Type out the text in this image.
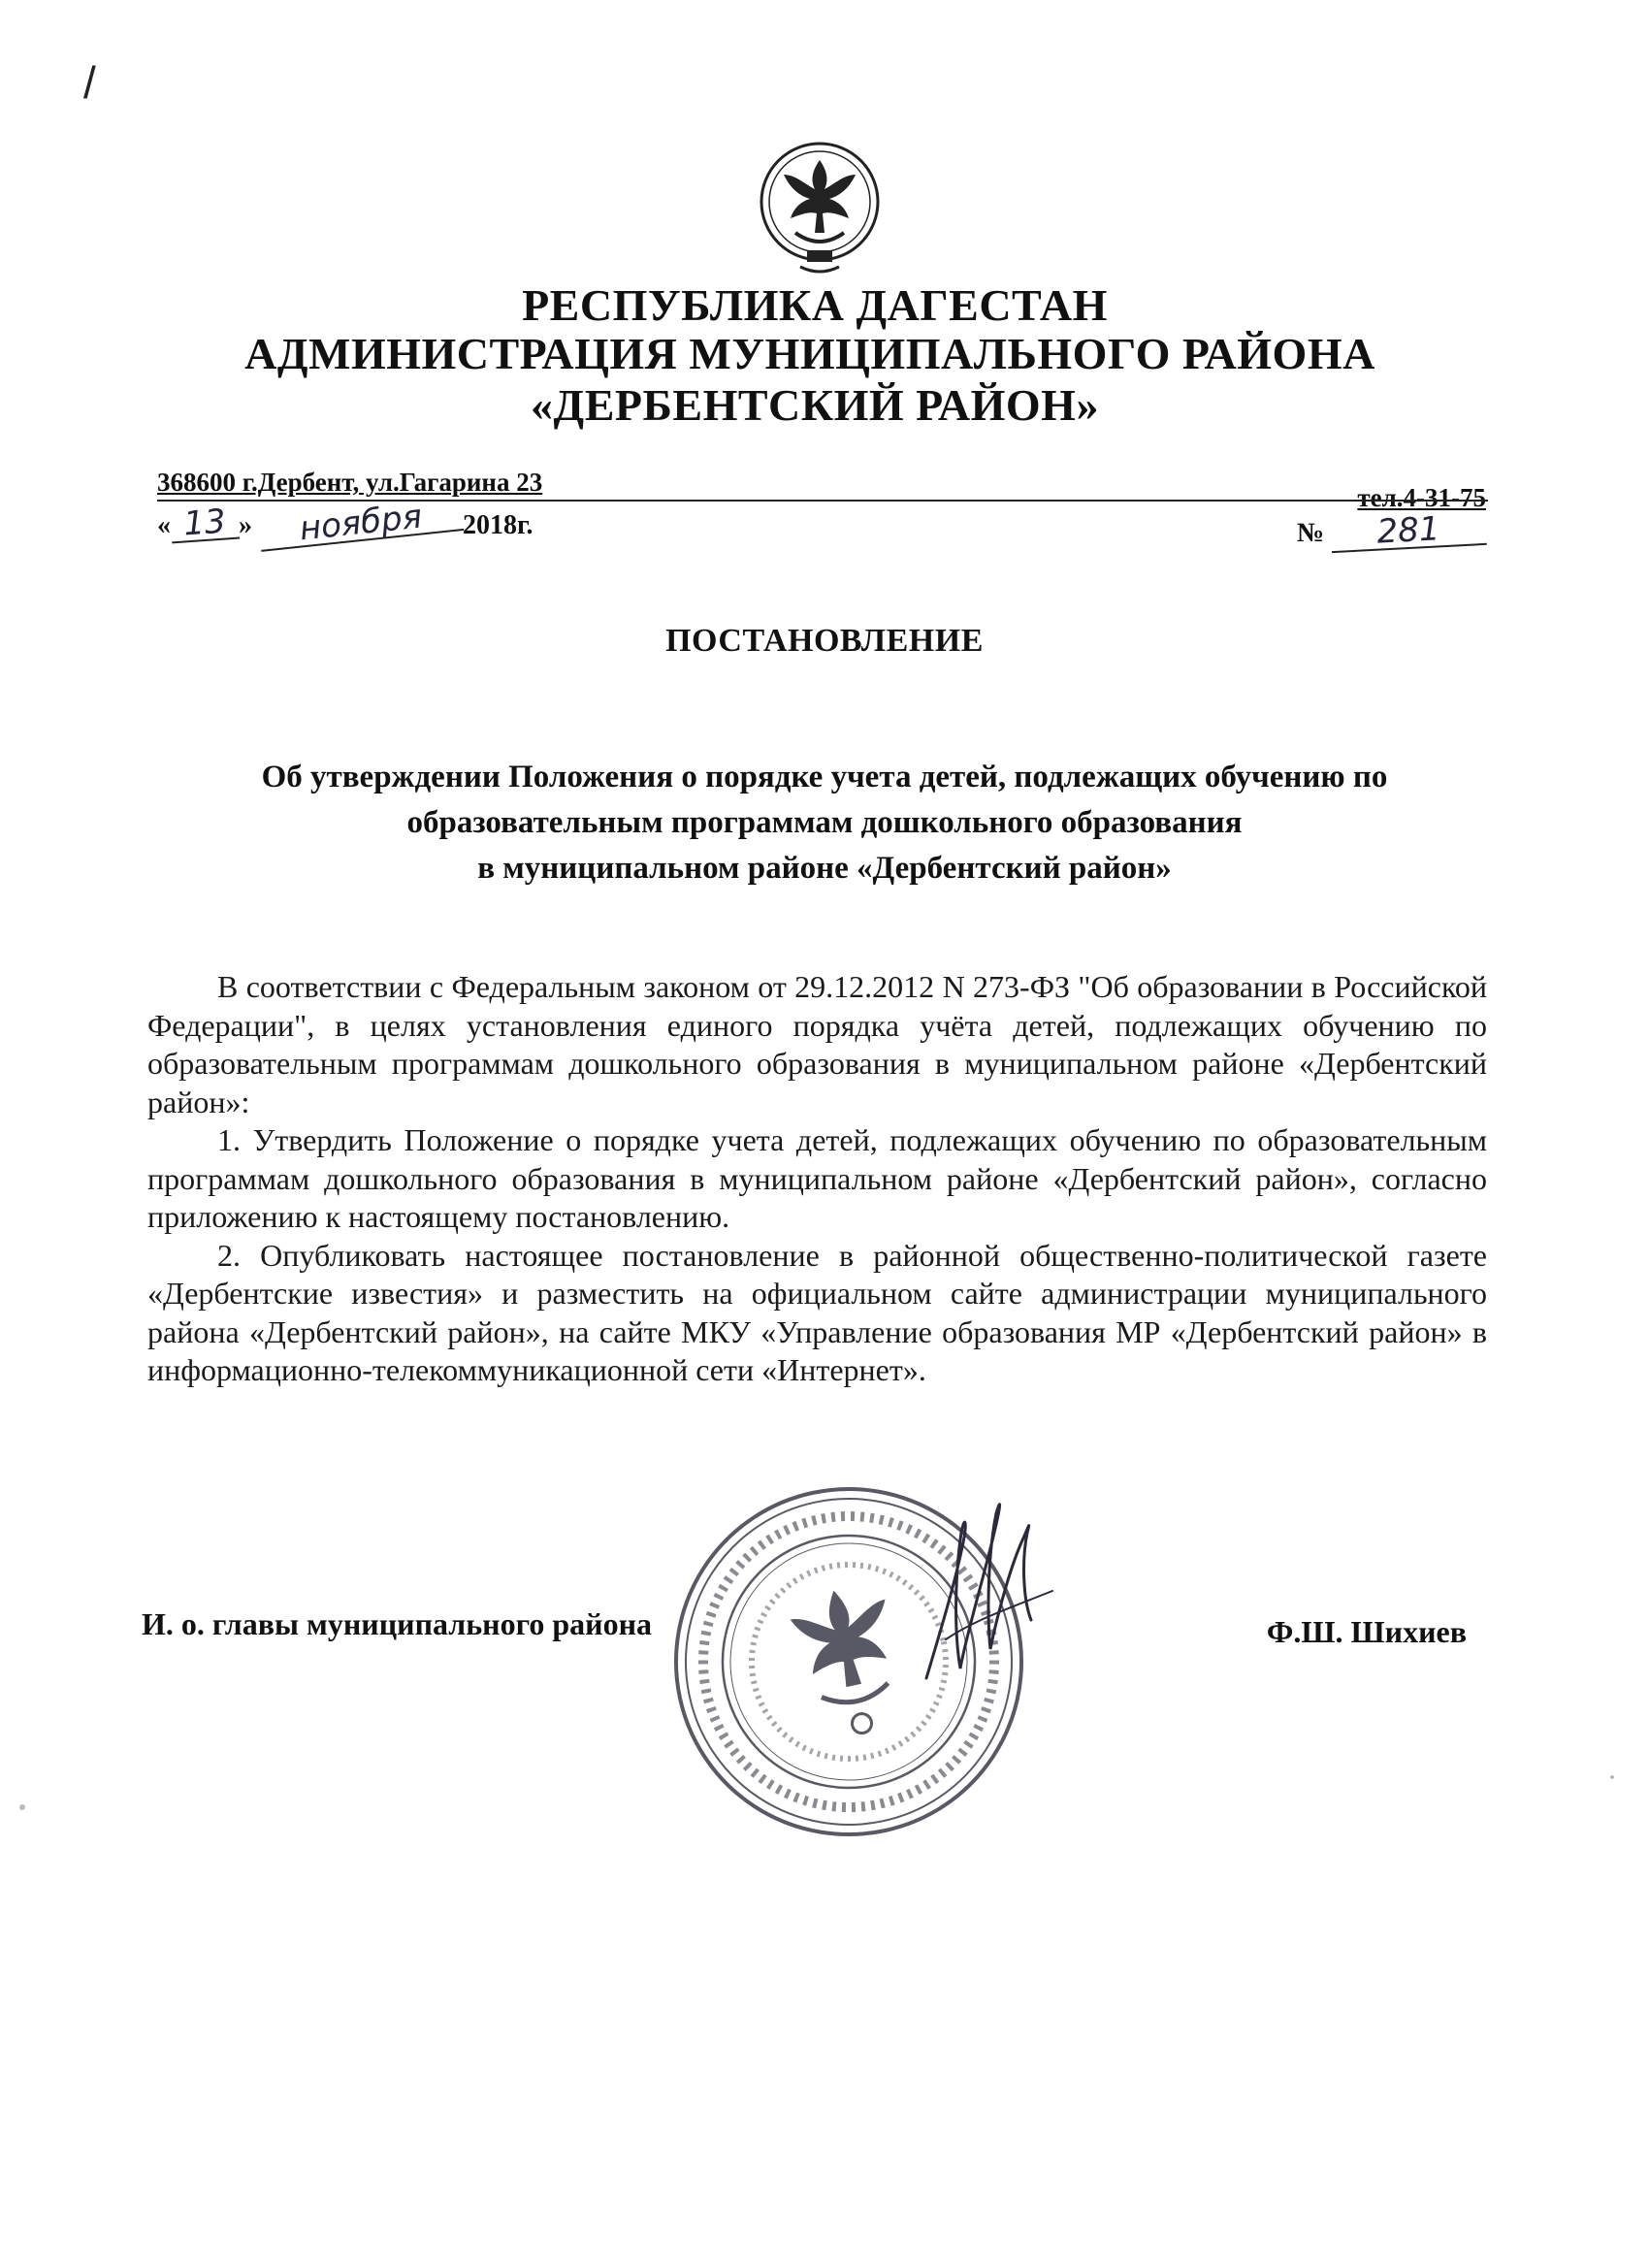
/
РЕСПУБЛИКА ДАГЕСТАН
АДМИНИСТРАЦИЯ МУНИЦИПАЛЬНОГО РАЙОНА
«ДЕРБЕНТСКИЙ РАЙОН»
368600 г.Дербент, ул.Гагарина 23
тел.4-31-75
« 13 » ноября 2018г.	№ 281
ПОСТАНОВЛЕНИЕ
Об утверждении Положения о порядке учета детей, подлежащих обучению по
образовательным программам дошкольного образования
в муниципальном районе «Дербентский район»

В соответствии с Федеральным законом от 29.12.2012 N 273-ФЗ "Об образовании в Российской Федерации", в целях установления единого порядка учёта детей, подлежащих обучению по образовательным программам дошкольного образования в муниципальном районе «Дербентский район»:

1. Утвердить Положение о порядке учета детей, подлежащих обучению по образовательным программам дошкольного образования в муниципальном районе «Дербентский район», согласно приложению к настоящему постановлению.

2. Опубликовать настоящее постановление в районной общественно-политической газете «Дербентские известия» и разместить на официальном сайте администрации муниципального района «Дербентский район», на сайте МКУ «Управление образования МР «Дербентский район» в информационно-телекоммуникационной сети «Интернет».

И. о. главы муниципального района	Ф.Ш. Шихиев
